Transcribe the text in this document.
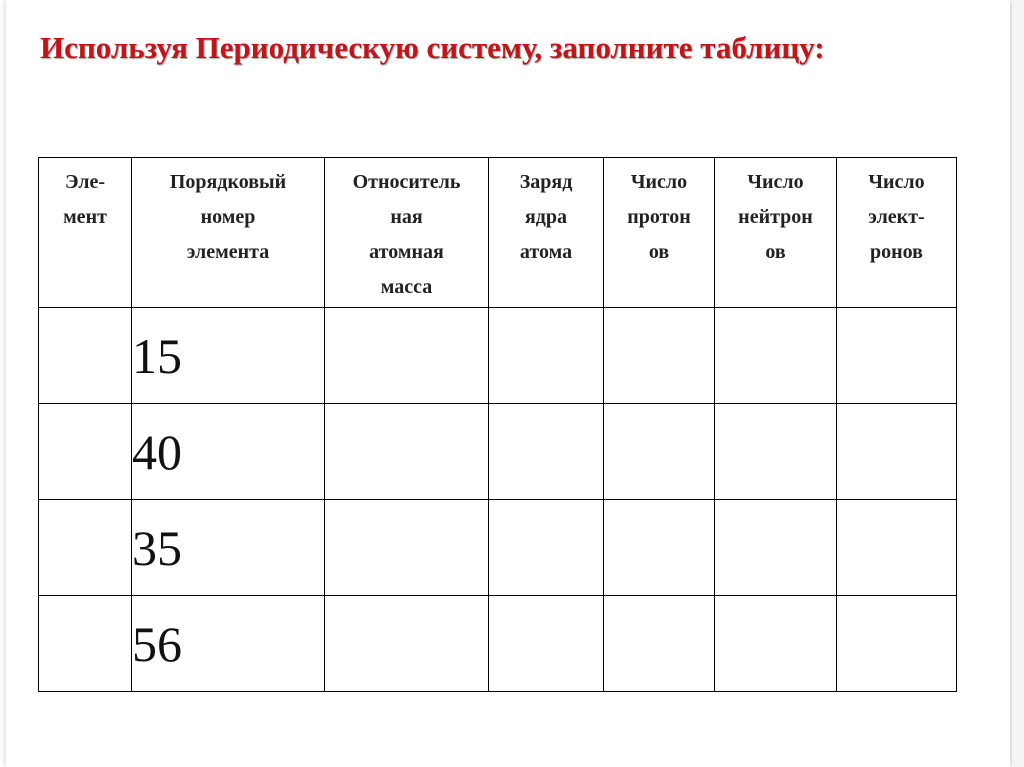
Используя Периодическую систему, заполните таблицу:
Эле-
мент	Порядковый
номер
элемента	Относитель
ная
атомная
масса	Заряд
ядра
атома	Число
протон
ов	Число
нейтрон
ов	Число
элект-
ронов

	15					
	40					
	35					
	56					
